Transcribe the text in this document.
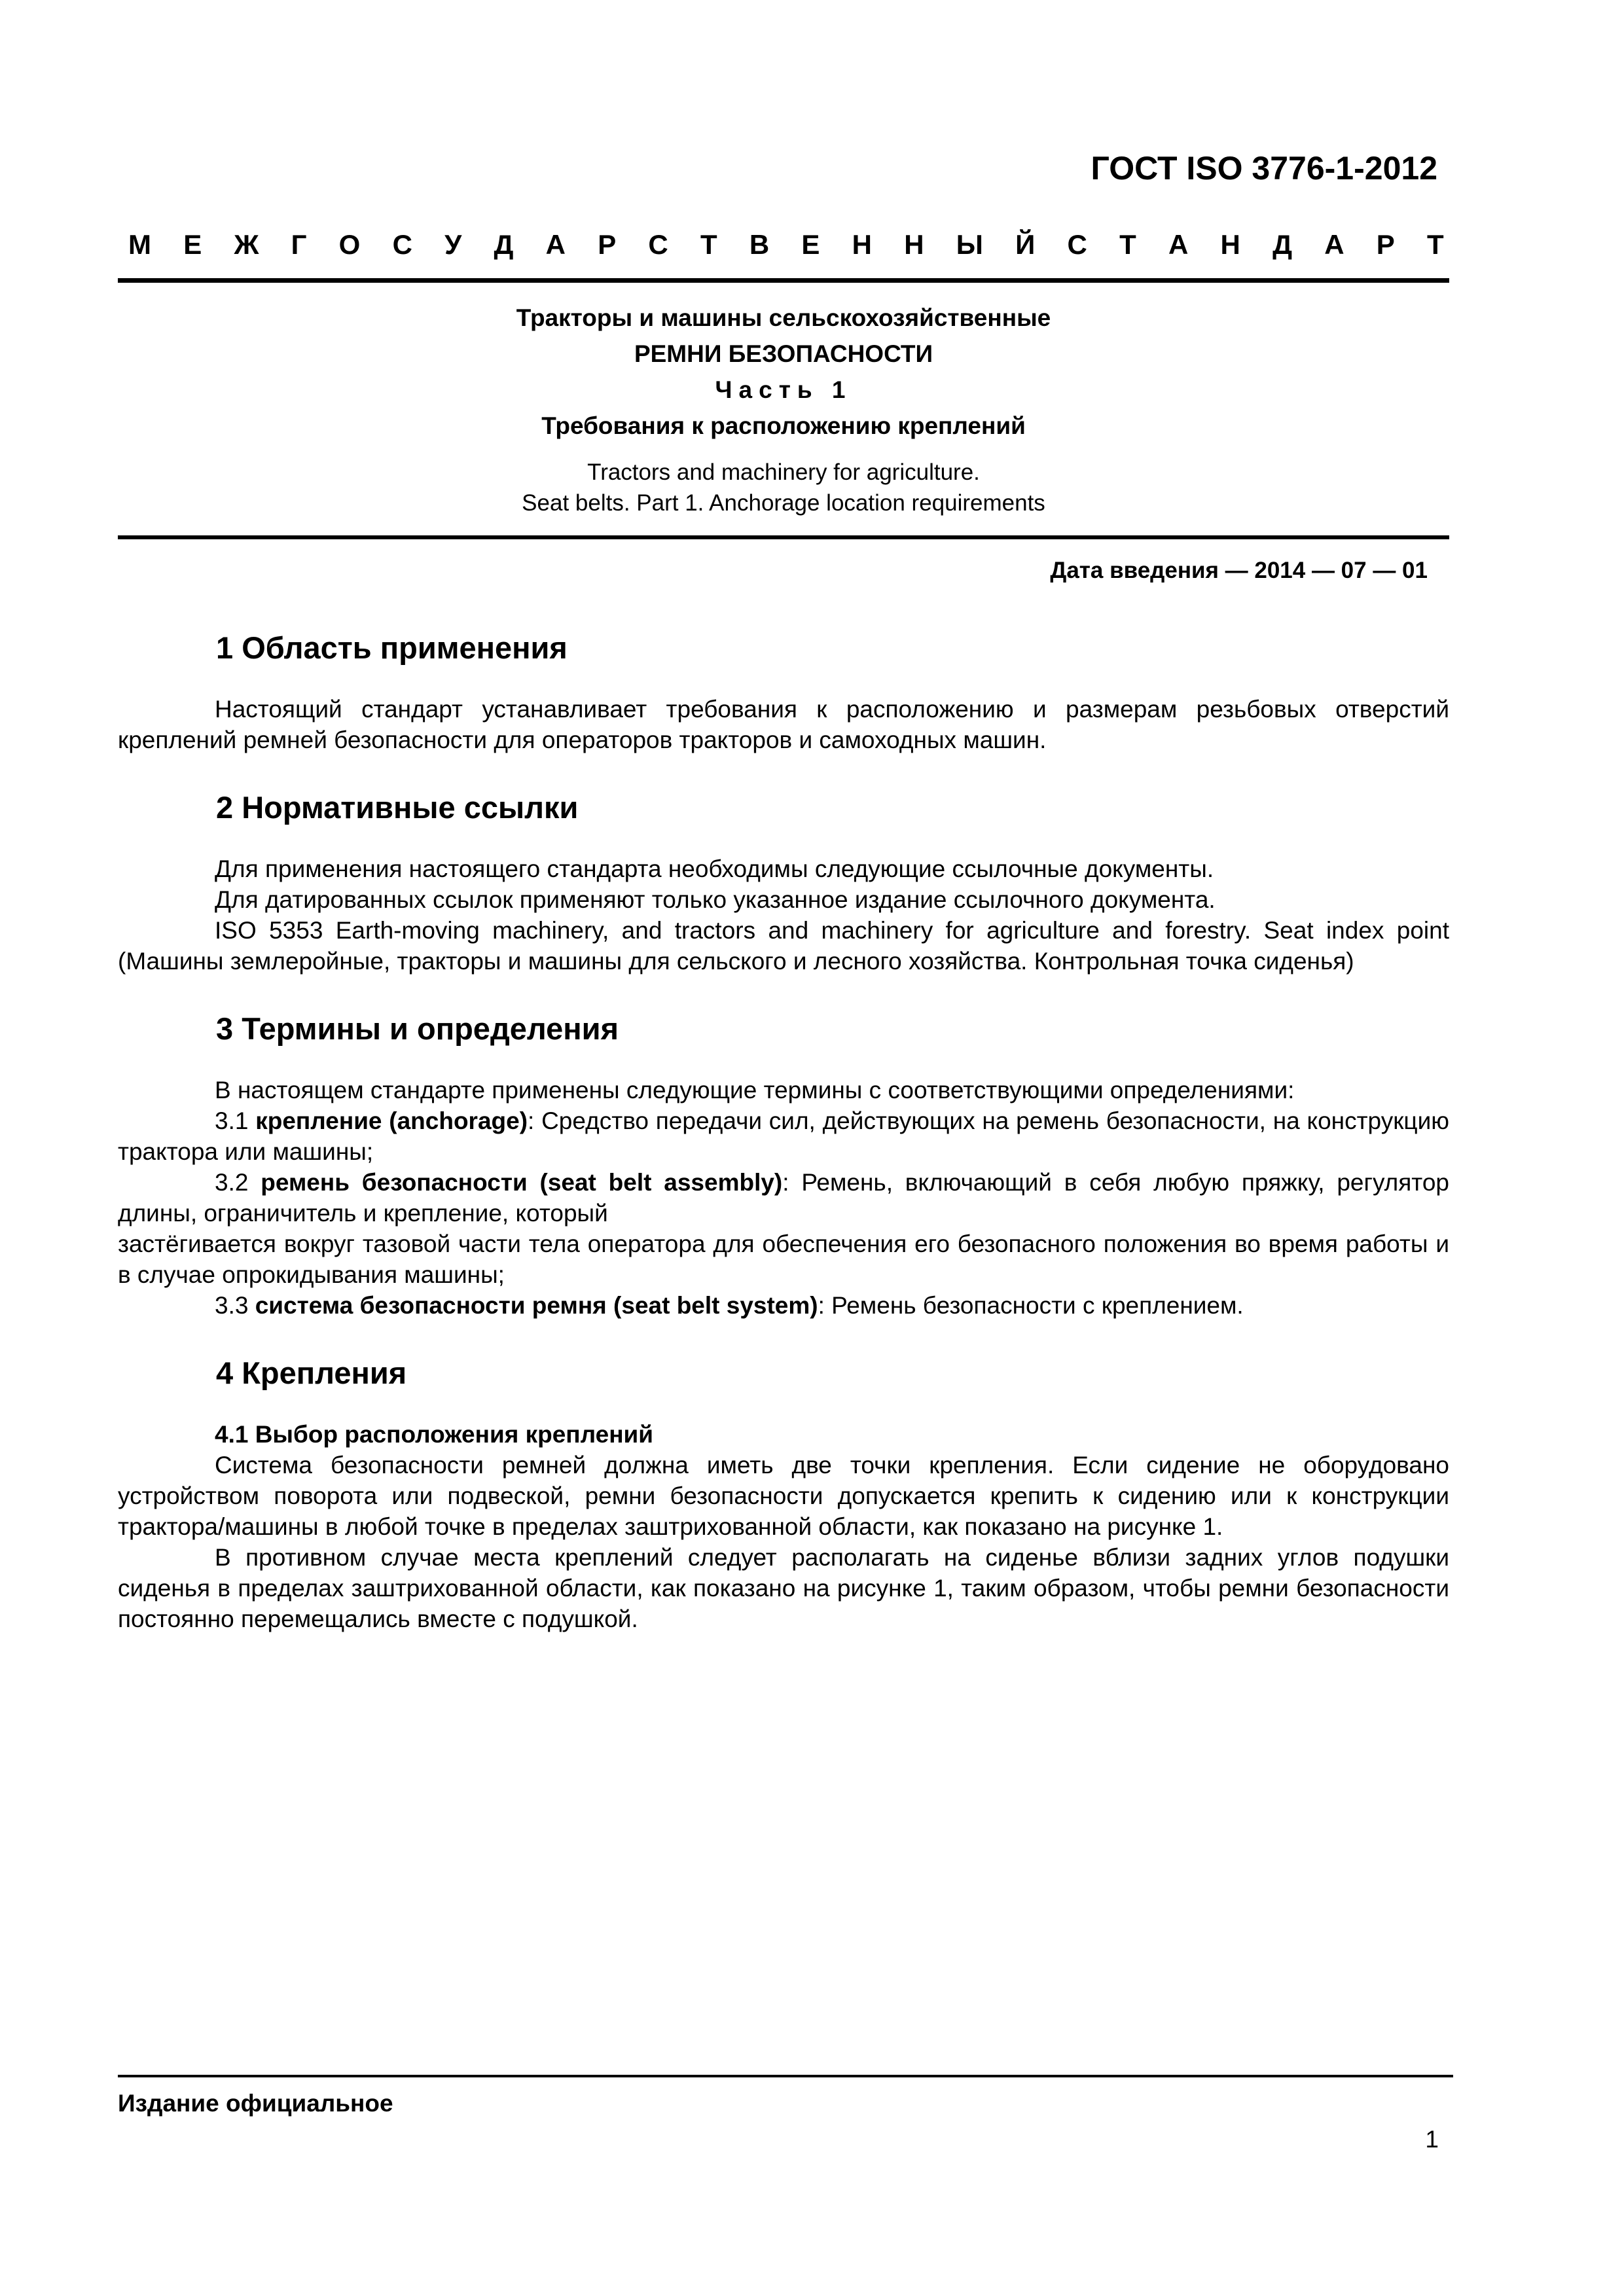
ГОСТ ISO 3776-1-2012
М Е Ж Г О С У Д А Р С Т В Е Н Н Ы Й С Т А Н Д А Р Т
Тракторы и машины сельскохозяйственные
РЕМНИ БЕЗОПАСНОСТИ
Часть 1
Требования к расположению креплений
Tractors and machinery for agriculture.
Seat belts. Part 1. Anchorage location requirements
Дата введения — 2014 — 07 — 01
1 Область применения

Настоящий стандарт устанавливает требования к расположению и размерам резьбовых отверстий креплений ремней безопасности для операторов тракторов и самоходных машин.

2 Нормативные ссылки

Для применения настоящего стандарта необходимы следующие ссылочные документы.

Для датированных ссылок применяют только указанное издание ссылочного документа.

ISO 5353 Earth-moving machinery, and tractors and machinery for agriculture and forestry. Seat index point (Машины землеройные, тракторы и машины для сельского и лесного хозяйства. Контрольная точка сиденья)

3 Термины и определения

В настоящем стандарте применены следующие термины с соответствующими определениями:

3.1 крепление (anchorage): Средство передачи сил, действующих на ремень безопасности, на конструкцию трактора или машины;

3.2 ремень безопасности (seat belt assembly): Ремень, включающий в себя любую пряжку, регулятор длины, ограничитель и крепление, который

застёгивается вокруг тазовой части тела оператора для обеспечения его безопасного положения во время работы и в случае опрокидывания машины;

3.3 система безопасности ремня (seat belt system): Ремень безопасности с креплением.

4 Крепления
4.1 Выбор расположения креплений

Система безопасности ремней должна иметь две точки крепления. Если сидение не оборудовано устройством поворота или подвеской, ремни безопасности допускается крепить к сидению или к конструкции трактора/машины в любой точке в пределах заштрихованной области, как показано на рисунке 1.

В противном случае места креплений следует располагать на сиденье вблизи задних углов подушки сиденья в пределах заштрихованной области, как показано на рисунке 1, таким образом, чтобы ремни безопасности постоянно перемещались вместе с подушкой.

Издание официальное
1
